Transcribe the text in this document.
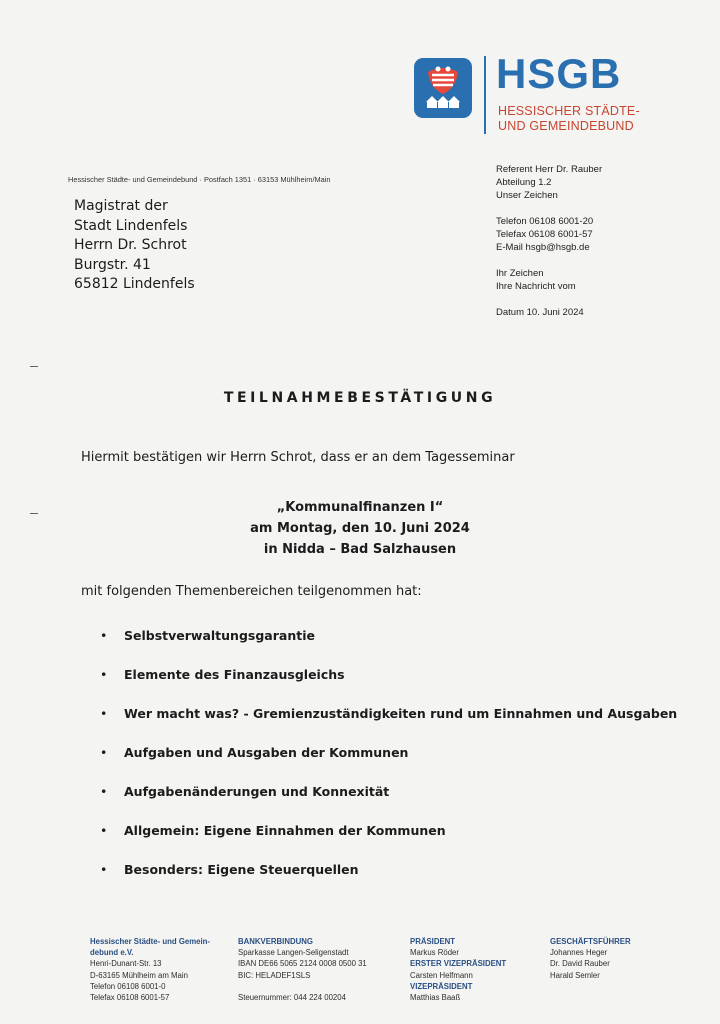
HSGB
HESSISCHER STÄDTE-
UND GEMEINDEBUND
Hessischer Städte- und Gemeindebund · Postfach 1351 · 63153 Mühlheim/Main
Magistrat der
Stadt Lindenfels
Herrn Dr. Schrot
Burgstr. 41
65812 Lindenfels
Referent Herr Dr. Rauber
Abteilung 1.2
Unser Zeichen
Telefon 06108 6001-20
Telefax 06108 6001-57
E-Mail hsgb@hsgb.de
Ihr Zeichen
Ihre Nachricht vom
Datum 10. Juni 2024
TEILNAHMEBESTÄTIGUNG
Hiermit bestätigen wir Herrn Schrot, dass er an dem Tagesseminar
„Kommunalfinanzen I“
am Montag, den 10. Juni 2024
in Nidda – Bad Salzhausen
mit folgenden Themenbereichen teilgenommen hat:
• Selbstverwaltungsgarantie
• Elemente des Finanzausgleichs
• Wer macht was? - Gremienzuständigkeiten rund um Einnahmen und Ausgaben
• Aufgaben und Ausgaben der Kommunen
• Aufgabenänderungen und Konnexität
• Allgemein: Eigene Einnahmen der Kommunen
• Besonders: Eigene Steuerquellen
Hessischer Städte- und Gemein-
debund e.V.
Henri-Dunant-Str. 13
D-63165 Mühlheim am Main
Telefon 06108 6001-0
Telefax 06108 6001-57
BANKVERBINDUNG
Sparkasse Langen-Seligenstadt
IBAN DE66 5065 2124 0008 0500 31
BIC: HELADEF1SLS
Steuernummer: 044 224 00204
PRÄSIDENT
Markus Röder
ERSTER VIZEPRÄSIDENT
Carsten Helfmann
VIZEPRÄSIDENT
Matthias Baaß
GESCHÄFTSFÜHRER
Johannes Heger
Dr. David Rauber
Harald Semler
